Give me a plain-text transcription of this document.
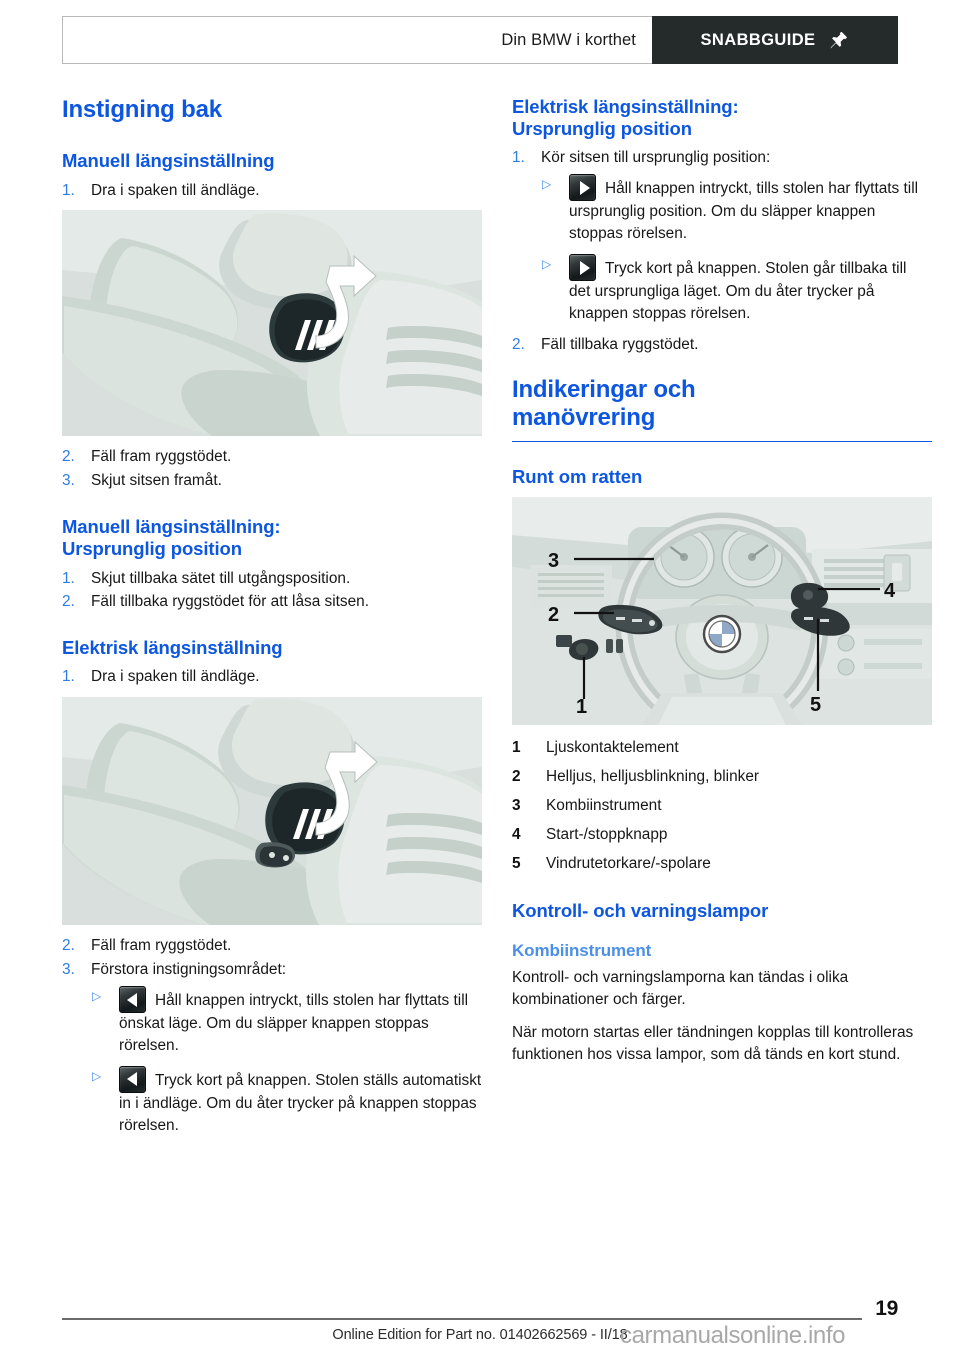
Din BMW i korthet	SNABBGUIDE
Instigning bak
Manuell längsinställning
1. Dra i spaken till ändläge.
2. Fäll fram ryggstödet.
3. Skjut sitsen framåt.
Manuell längsinställning:
Ursprunglig position
1. Skjut tillbaka sätet till utgångsposition.
2. Fäll tillbaka ryggstödet för att låsa sitsen.
Elektrisk längsinställning
1. Dra i spaken till ändläge.
2. Fäll fram ryggstödet.
3. Förstora instigningsområdet:
▷	Håll knappen intryckt, tills stolen har flyttats till önskat läge. Om du släpper knappen stoppas rörelsen.
▷	Tryck kort på knappen. Stolen ställs automatiskt in i ändläge. Om du åter trycker på knappen stoppas rörelsen.
Elektrisk längsinställning:
Ursprunglig position
1. Kör sitsen till ursprunglig position:
▷	Håll knappen intryckt, tills stolen har flyttats till ursprunglig position. Om du släpper knappen stoppas rörelsen.
▷	Tryck kort på knappen. Stolen går tillbaka till det ursprungliga läget. Om du åter trycker på knappen stoppas rörelsen.
2. Fäll tillbaka ryggstödet.
Indikeringar och
manövrering
Runt om ratten
3
2
4
5
1
1 Ljuskontaktelement
2 Helljus, helljusblinkning, blinker
3 Kombiinstrument
4 Start-/stoppknapp
5 Vindrutetorkare/-spolare
Kontroll- och varningslampor
Kombiinstrument

Kontroll- och varningslamporna kan tändas i olika kombinationer och färger.

När motorn startas eller tändningen kopplas till kontrolleras funktionen hos vissa lampor, som då tänds en kort stund.

19
Online Edition for Part no. 01402662569 - II/18
carmanualsonline.info
